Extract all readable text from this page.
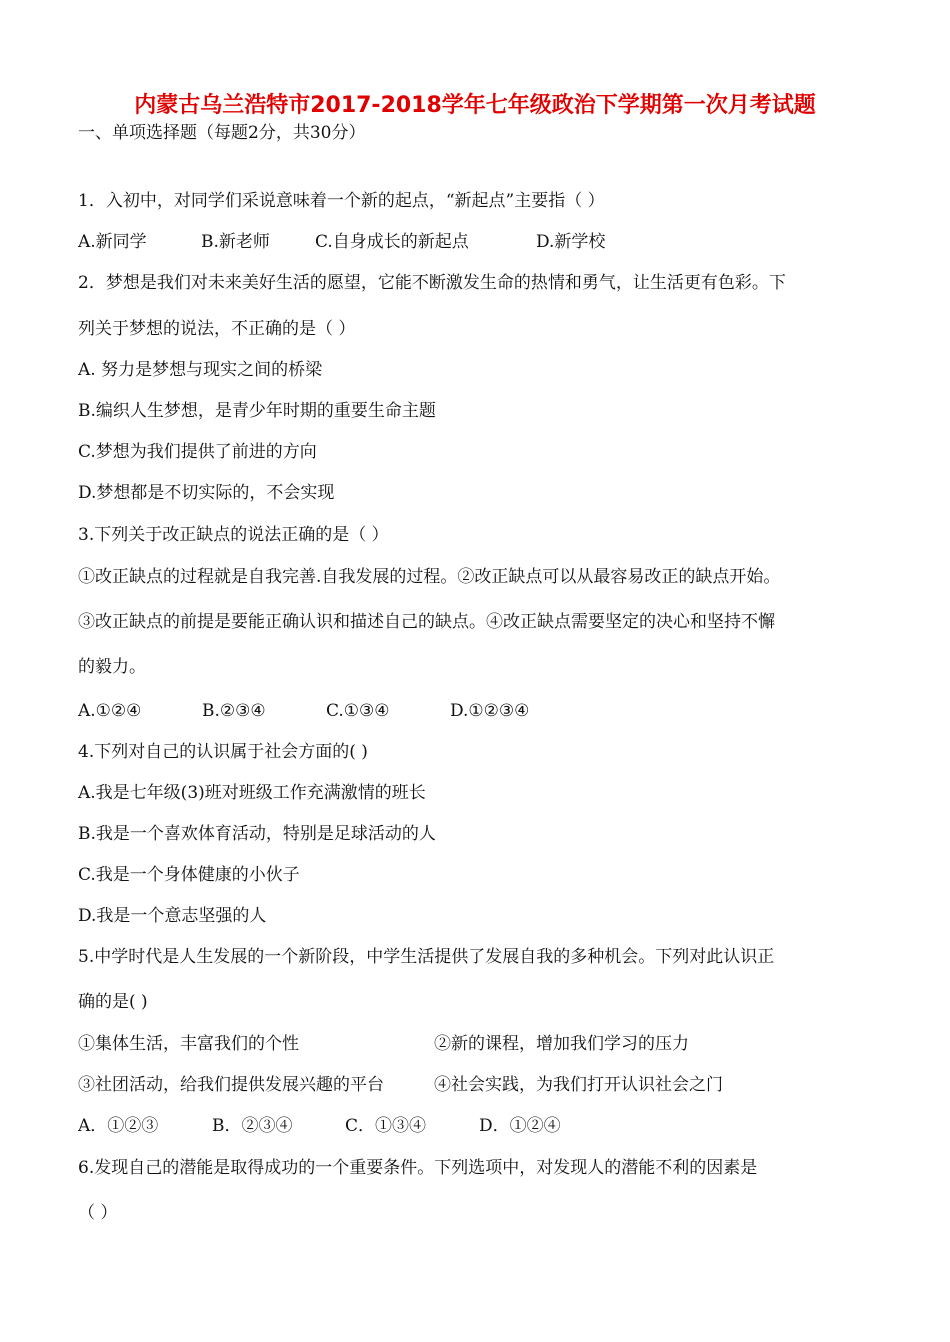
内蒙古乌兰浩特市2017-2018学年七年级政治下学期第一次月考试题
一、单项选择题（每题2分，共30分）
1．入初中，对同学们采说意味着一个新的起点，“新起点”主要指（ ）
A.新同学	B.新老师	C.自身成长的新起点	D.新学校
2．梦想是我们对未来美好生活的愿望，它能不断激发生命的热情和勇气，让生活更有色彩。下
列关于梦想的说法，不正确的是（ ）
A. 努力是梦想与现实之间的桥梁
B.编织人生梦想，是青少年时期的重要生命主题
C.梦想为我们提供了前进的方向
D.梦想都是不切实际的，不会实现
3.下列关于改正缺点的说法正确的是（ ）
①改正缺点的过程就是自我完善.自我发展的过程。②改正缺点可以从最容易改正的缺点开始。
③改正缺点的前提是要能正确认识和描述自己的缺点。④改正缺点需要坚定的决心和坚持不懈
的毅力。
A.①②④	B.②③④	C.①③④	D.①②③④
4.下列对自己的认识属于社会方面的( )
A.我是七年级(3)班对班级工作充满激情的班长
B.我是一个喜欢体育活动，特别是足球活动的人
C.我是一个身体健康的小伙子
D.我是一个意志坚强的人
5.中学时代是人生发展的一个新阶段，中学生活提供了发展自我的多种机会。下列对此认识正
确的是( )
①集体生活，丰富我们的个性	②新的课程，增加我们学习的压力
③社团活动，给我们提供发展兴趣的平台	④社会实践，为我们打开认识社会之门
A．①②③	B．②③④	C．①③④	D．①②④
6.发现自己的潜能是取得成功的一个重要条件。下列选项中，对发现人的潜能不利的因素是
（ ）
